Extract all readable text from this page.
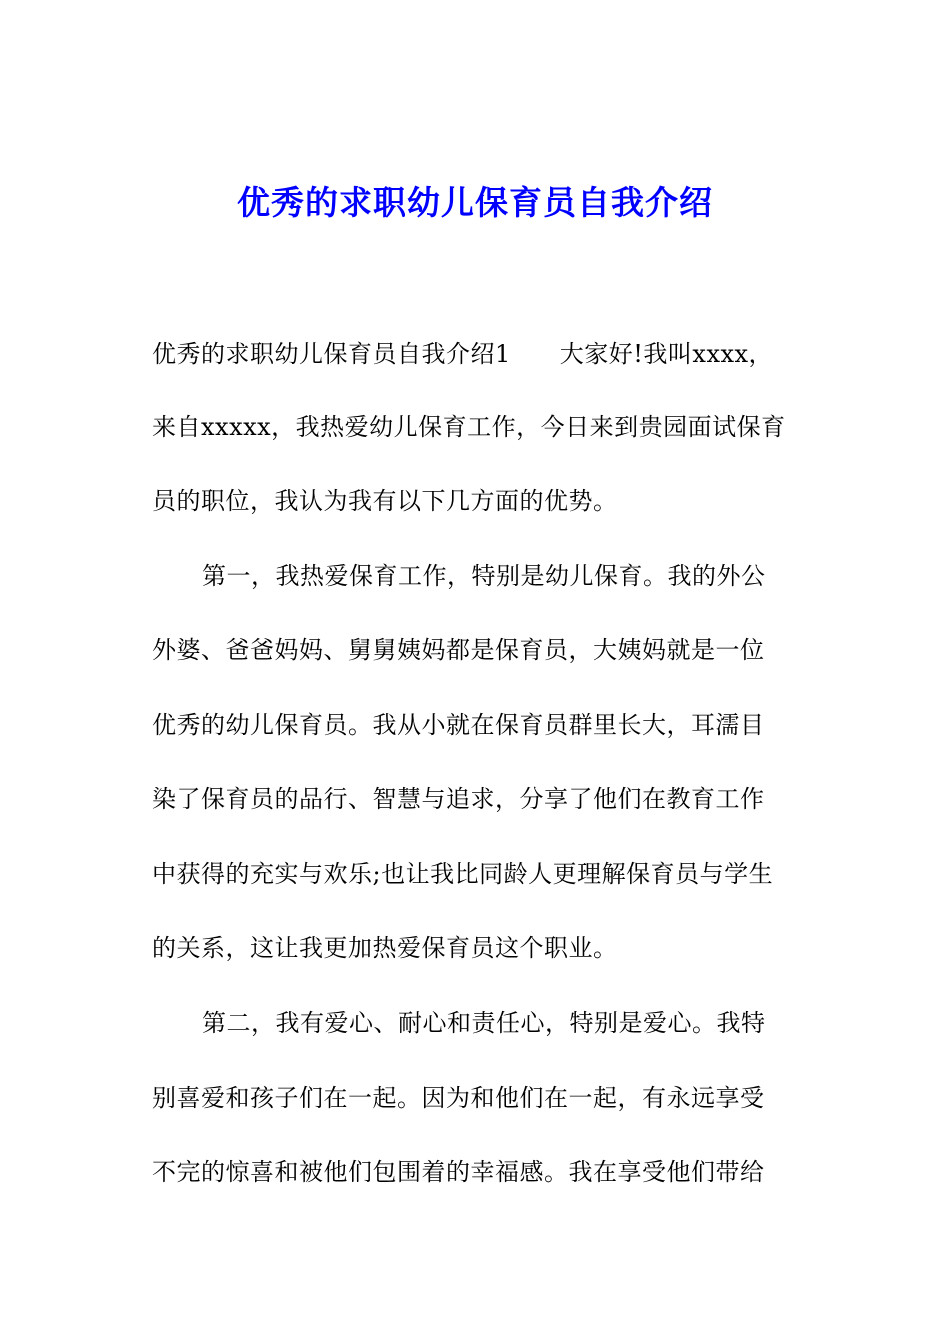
优秀的求职幼儿保育员自我介绍
优秀的求职幼儿保育员自我介绍1　　大家好!我叫xxxx，
来自xxxxx，我热爱幼儿保育工作，今日来到贵园面试保育
员的职位，我认为我有以下几方面的优势。
第一，我热爱保育工作，特别是幼儿保育。我的外公
外婆、爸爸妈妈、舅舅姨妈都是保育员，大姨妈就是一位
优秀的幼儿保育员。我从小就在保育员群里长大，耳濡目
染了保育员的品行、智慧与追求，分享了他们在教育工作
中获得的充实与欢乐;也让我比同龄人更理解保育员与学生
的关系，这让我更加热爱保育员这个职业。
第二，我有爱心、耐心和责任心，特别是爱心。我特
别喜爱和孩子们在一起。因为和他们在一起，有永远享受
不完的惊喜和被他们包围着的幸福感。我在享受他们带给
